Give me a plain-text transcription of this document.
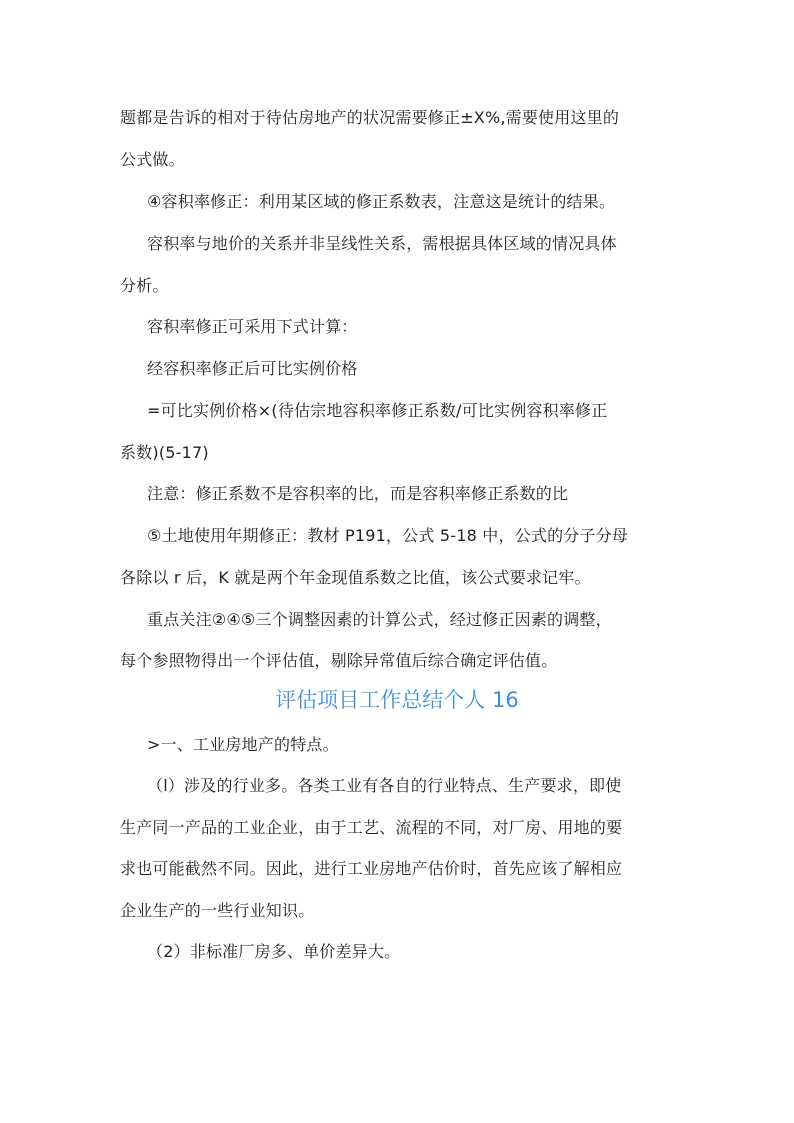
题都是告诉的相对于待估房地产的状况需要修正±X%,需要使用这里的
公式做。
④容积率修正：利用某区域的修正系数表，注意这是统计的结果。
容积率与地价的关系并非呈线性关系，需根据具体区域的情况具体
分析。
容积率修正可采用下式计算：
经容积率修正后可比实例价格
=可比实例价格×(待估宗地容积率修正系数/可比实例容积率修正
系数)(5-17)
注意：修正系数不是容积率的比，而是容积率修正系数的比
⑤土地使用年期修正：教材 P191，公式 5-18 中，公式的分子分母
各除以 r 后，K 就是两个年金现值系数之比值，该公式要求记牢。
重点关注②④⑤三个调整因素的计算公式，经过修正因素的调整，
每个参照物得出一个评估值，剔除异常值后综合确定评估值。
评估项目工作总结个人 16
>一、工业房地产的特点。
（l）涉及的行业多。各类工业有各自的行业特点、生产要求，即使
生产同一产品的工业企业，由于工艺、流程的不同，对厂房、用地的要
求也可能截然不同。因此，进行工业房地产估价时，首先应该了解相应
企业生产的一些行业知识。
（2）非标准厂房多、单价差异大。
